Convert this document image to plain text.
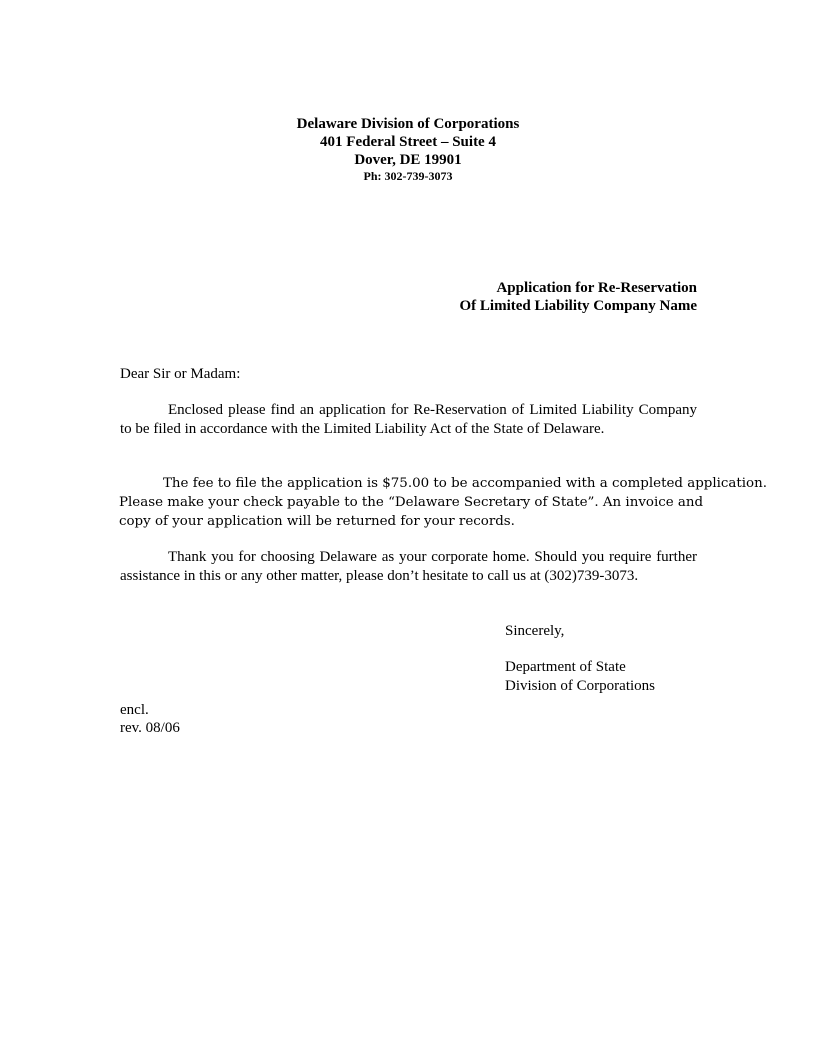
Delaware Division of Corporations
401 Federal Street – Suite 4
Dover, DE 19901
Ph: 302-739-3073
Application for Re-Reservation
Of Limited Liability Company Name
Dear Sir or Madam:
Enclosed please find an application for Re-Reservation of Limited Liability Company to be filed in accordance with the Limited Liability Act of the State of Delaware.
The fee to file the application is $75.00 to be accompanied with a completed application.
Please make your check payable to the “Delaware Secretary of State”. An invoice and
copy of your application will be returned for your records.
Thank you for choosing Delaware as your corporate home. Should you require further assistance in this or any other matter, please don’t hesitate to call us at (302)739-3073.
Sincerely,
Department of State
Division of Corporations
encl.
rev. 08/06
